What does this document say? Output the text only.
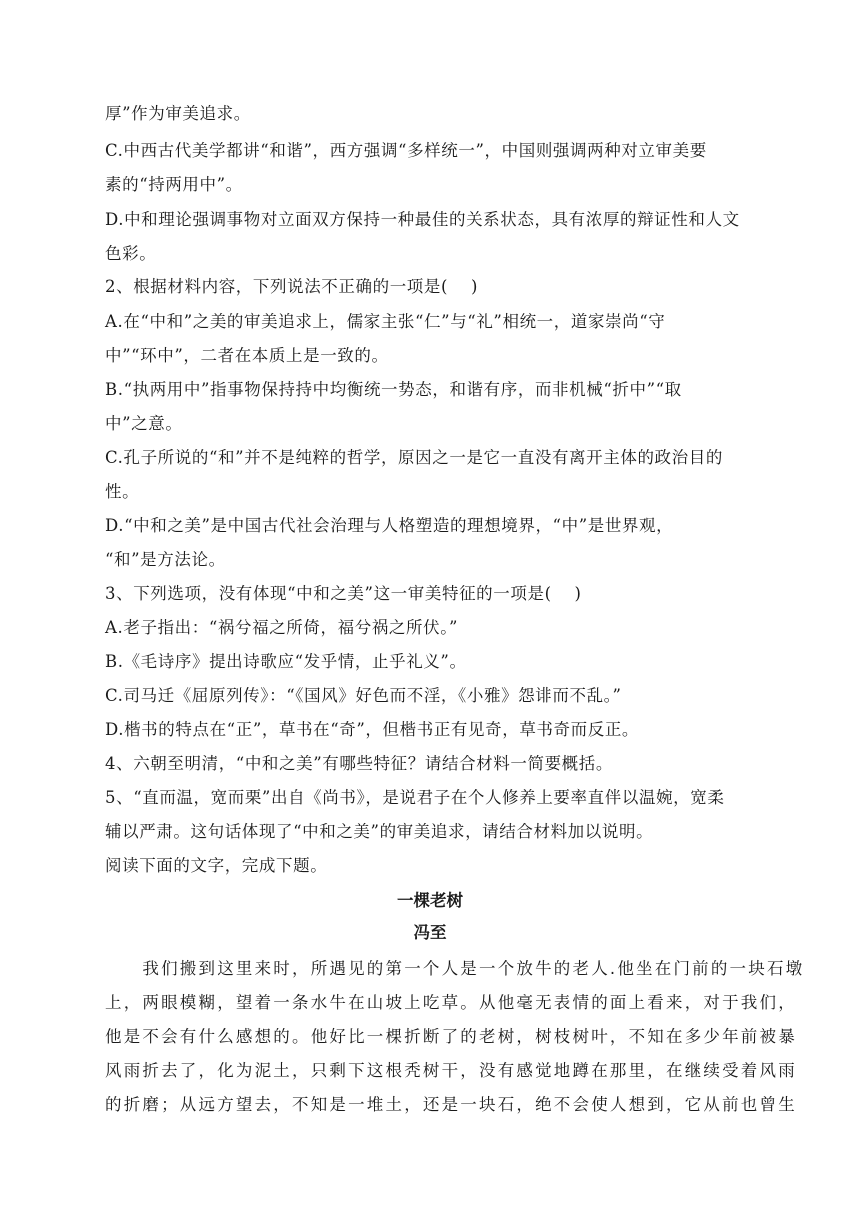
厚”作为审美追求。
C.中西古代美学都讲“和谐”，西方强调“多样统一”，中国则强调两种对立审美要
素的“持两用中”。
D.中和理论强调事物对立面双方保持一种最佳的关系状态，具有浓厚的辩证性和人文
色彩。
2、根据材料内容，下列说法不正确的一项是(　 )
A.在“中和”之美的审美追求上，儒家主张“仁”与“礼”相统一，道家崇尚“守
中”“环中”，二者在本质上是一致的。
B.“执两用中”指事物保持持中均衡统一势态，和谐有序，而非机械“折中”“取
中”之意。
C.孔子所说的“和”并不是纯粹的哲学，原因之一是它一直没有离开主体的政治目的
性。
D.“中和之美”是中国古代社会治理与人格塑造的理想境界，“中”是世界观，
“和”是方法论。
3、下列选项，没有体现“中和之美”这一审美特征的一项是(　 )
A.老子指出：“祸兮福之所倚，福兮祸之所伏。”
B.《毛诗序》提出诗歌应“发乎情，止乎礼义”。
C.司马迁《屈原列传》：“《国风》好色而不淫，《小雅》怨诽而不乱。”
D.楷书的特点在“正”，草书在“奇”，但楷书正有见奇，草书奇而反正。
4、六朝至明清，“中和之美”有哪些特征？请结合材料一简要概括。
5、“直而温，宽而栗”出自《尚书》，是说君子在个人修养上要率直伴以温婉，宽柔
辅以严肃。这句话体现了“中和之美”的审美追求，请结合材料加以说明。
阅读下面的文字，完成下题。
一棵老树
冯至
　　我们搬到这里来时，所遇见的第一个人是一个放牛的老人.他坐在门前的一块石墩
上，两眼模糊，望着一条水牛在山坡上吃草。从他毫无表情的面上看来，对于我们，
他是不会有什么感想的。他好比一棵折断了的老树，树枝树叶，不知在多少年前被暴
风雨折去了，化为泥土，只剩下这根秃树干，没有感觉地蹲在那里，在继续受着风雨
的折磨；从远方望去，不知是一堆土，还是一块石，绝不会使人想到，它从前也曾生
